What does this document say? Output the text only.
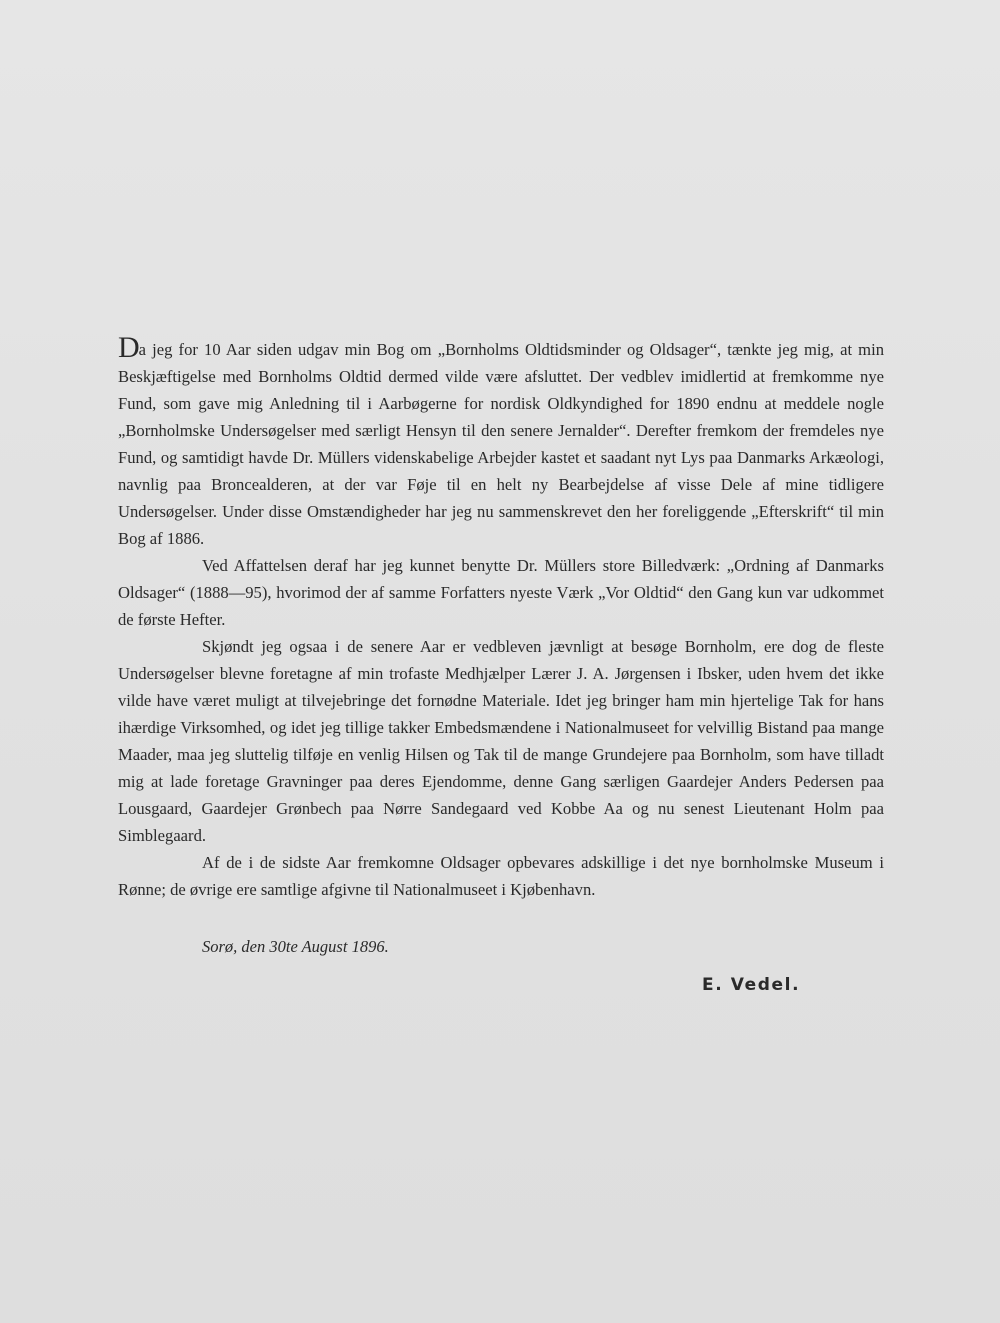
Da jeg for 10 Aar siden udgav min Bog om „Bornholms Oldtidsminder og Oldsager“, tænkte jeg mig, at min Beskjæftigelse med Bornholms Oldtid dermed vilde være afsluttet. Der vedblev imidlertid at fremkomme nye Fund, som gave mig Anledning til i Aarbøgerne for nordisk Oldkyndighed for 1890 endnu at meddele nogle „Bornholmske Undersøgelser med særligt Hensyn til den senere Jernalder“. Derefter fremkom der fremdeles nye Fund, og samtidigt havde Dr. Müllers videnskabelige Arbejder kastet et saadant nyt Lys paa Danmarks Arkæologi, navnlig paa Broncealderen, at der var Føje til en helt ny Bearbejdelse af visse Dele af mine tidligere Undersøgelser. Under disse Omstændigheder har jeg nu sammenskrevet den her foreliggende „Efterskrift“ til min Bog af 1886.

Ved Affattelsen deraf har jeg kunnet benytte Dr. Müllers store Billedværk: „Ordning af Danmarks Oldsager“ (1888—95), hvorimod der af samme Forfatters nyeste Værk „Vor Oldtid“ den Gang kun var udkommet de første Hefter.

Skjøndt jeg ogsaa i de senere Aar er vedbleven jævnligt at besøge Bornholm, ere dog de fleste Undersøgelser blevne foretagne af min trofaste Medhjælper Lærer J. A. Jørgensen i Ibsker, uden hvem det ikke vilde have været muligt at tilvejebringe det fornødne Materiale. Idet jeg bringer ham min hjertelige Tak for hans ihærdige Virksomhed, og idet jeg tillige takker Embedsmændene i Nationalmuseet for velvillig Bistand paa mange Maader, maa jeg sluttelig tilføje en venlig Hilsen og Tak til de mange Grundejere paa Bornholm, som have tilladt mig at lade foretage Gravninger paa deres Ejendomme, denne Gang særligen Gaardejer Anders Pedersen paa Lousgaard, Gaardejer Grønbech paa Nørre Sandegaard ved Kobbe Aa og nu senest Lieutenant Holm paa Simblegaard.

Af de i de sidste Aar fremkomne Oldsager opbevares adskillige i det nye bornholmske Museum i Rønne; de øvrige ere samtlige afgivne til Nationalmuseet i Kjøbenhavn.

Sorø, den 30te August 1896.
E. Vedel.
